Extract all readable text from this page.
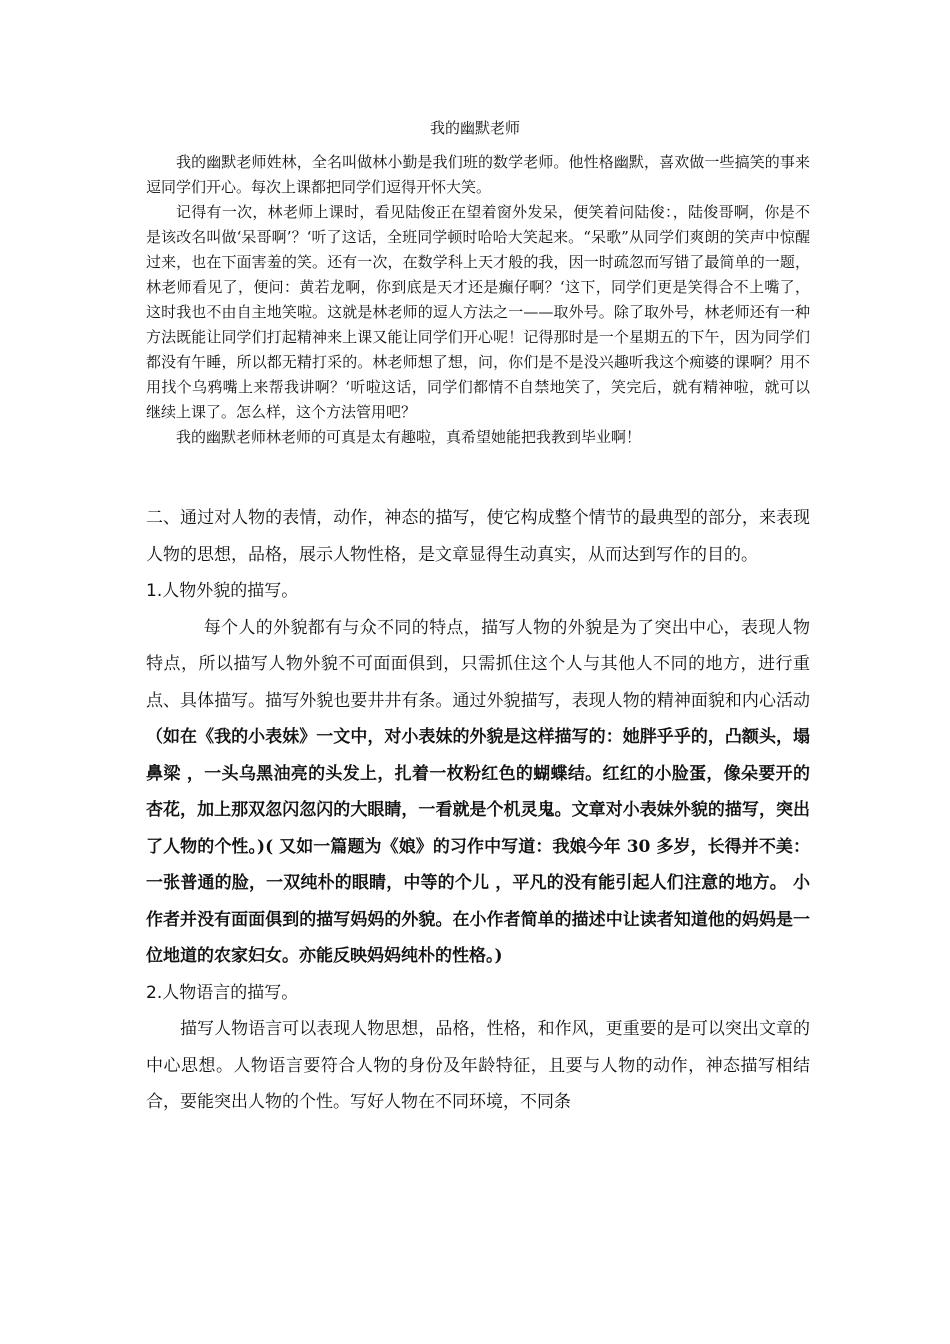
我的幽默老师

我的幽默老师姓林，全名叫做林小勤是我们班的数学老师。他性格幽默，喜欢做一些搞笑的事来逗同学们开心。每次上课都把同学们逗得开怀大笑。

记得有一次，林老师上课时，看见陆俊正在望着窗外发呆，便笑着问陆俊：，陆俊哥啊，你是不是该改名叫做‘呆哥啊’？‘听了这话，全班同学顿时哈哈大笑起来。“呆歌”从同学们爽朗的笑声中惊醒过来，也在下面害羞的笑。还有一次，在数学科上天才般的我，因一时疏忽而写错了最简单的一题，林老师看见了，便问：黄若龙啊，你到底是天才还是癫仔啊？‘这下，同学们更是笑得合不上嘴了，这时我也不由自主地笑啦。这就是林老师的逗人方法之一——取外号。除了取外号，林老师还有一种方法既能让同学们打起精神来上课又能让同学们开心呢！记得那时是一个星期五的下午，因为同学们都没有午睡，所以都无精打采的。林老师想了想，问，你们是不是没兴趣听我这个痴婆的课啊？用不用找个乌鸦嘴上来帮我讲啊？‘听啦这话，同学们都情不自禁地笑了，笑完后，就有精神啦，就可以继续上课了。怎么样，这个方法管用吧？

我的幽默老师林老师的可真是太有趣啦，真希望她能把我教到毕业啊！

二、通过对人物的表情，动作，神态的描写，使它构成整个情节的最典型的部分，来表现人物的思想，品格，展示人物性格，是文章显得生动真实，从而达到写作的目的。

1.人物外貌的描写。

每个人的外貌都有与众不同的特点，描写人物的外貌是为了突出中心，表现人物特点，所以描写人物外貌不可面面俱到，只需抓住这个人与其他人不同的地方，进行重点、具体描写。描写外貌也要井井有条。通过外貌描写，表现人物的精神面貌和内心活动（如在《我的小表妹》一文中，对小表妹的外貌是这样描写的：她胖乎乎的，凸额头，塌鼻梁 ，一头乌黑油亮的头发上，扎着一枚粉红色的蝴蝶结。红红的小脸蛋，像朵要开的杏花，加上那双忽闪忽闪的大眼睛，一看就是个机灵鬼。文章对小表妹外貌的描写，突出了人物的个性。)( 又如一篇题为《娘》的习作中写道：我娘今年 30 多岁，长得并不美：一张普通的脸，一双纯朴的眼睛，中等的个儿 ，平凡的没有能引起人们注意的地方。 小作者并没有面面俱到的描写妈妈的外貌。在小作者简单的描述中让读者知道他的妈妈是一位地道的农家妇女。亦能反映妈妈纯朴的性格。)

2.人物语言的描写。

描写人物语言可以表现人物思想，品格，性格，和作风，更重要的是可以突出文章的中心思想。人物语言要符合人物的身份及年龄特征，且要与人物的动作，神态描写相结合，要能突出人物的个性。写好人物在不同环境，不同条
